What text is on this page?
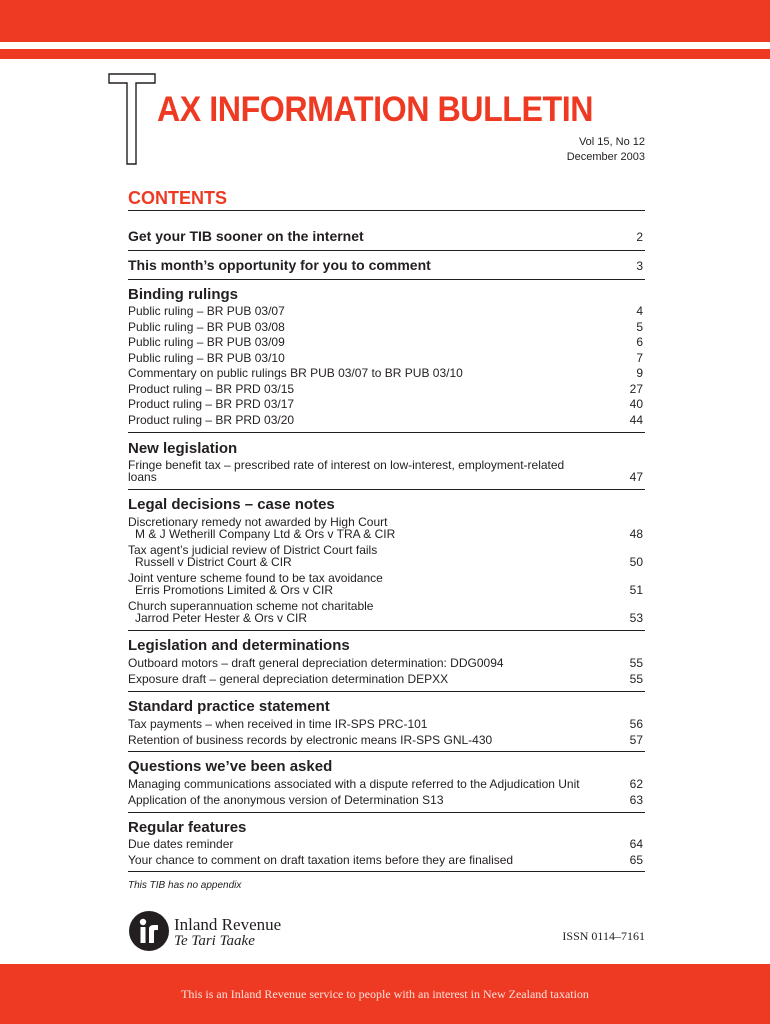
AX INFORMATION BULLETIN
Vol 15, No 12
December 2003
CONTENTS
Get your TIB sooner on the internet	2
This month’s opportunity for you to comment	3
Binding rulings
Public ruling – BR PUB 03/07	4
Public ruling – BR PUB 03/08	5
Public ruling – BR PUB 03/09	6
Public ruling – BR PUB 03/10	7
Commentary on public rulings BR PUB 03/07 to BR PUB 03/10	9
Product ruling – BR PRD 03/15	27
Product ruling – BR PRD 03/17	40
Product ruling – BR PRD 03/20	44
New legislation
Fringe benefit tax – prescribed rate of interest on low-interest, employment-related
loans	47
Legal decisions – case notes
Discretionary remedy not awarded by High Court
M & J Wetherill Company Ltd & Ors v TRA & CIR	48
Tax agent’s judicial review of District Court fails
Russell v District Court & CIR	50
Joint venture scheme found to be tax avoidance
Erris Promotions Limited & Ors v CIR	51
Church superannuation scheme not charitable
Jarrod Peter Hester & Ors v CIR	53
Legislation and determinations
Outboard motors – draft general depreciation determination: DDG0094	55
Exposure draft – general depreciation determination DEPXX	55
Standard practice statement
Tax payments – when received in time IR-SPS PRC-101	56
Retention of business records by electronic means IR-SPS GNL-430	57
Questions we’ve been asked
Managing communications associated with a dispute referred to the Adjudication Unit	62
Application of the anonymous version of Determination S13	63
Regular features
Due dates reminder	64
Your chance to comment on draft taxation items before they are finalised	65
This TIB has no appendix
Inland Revenue
Te Tari Taake	ISSN 0114–7161
This is an Inland Revenue service to people with an interest in New Zealand taxation
